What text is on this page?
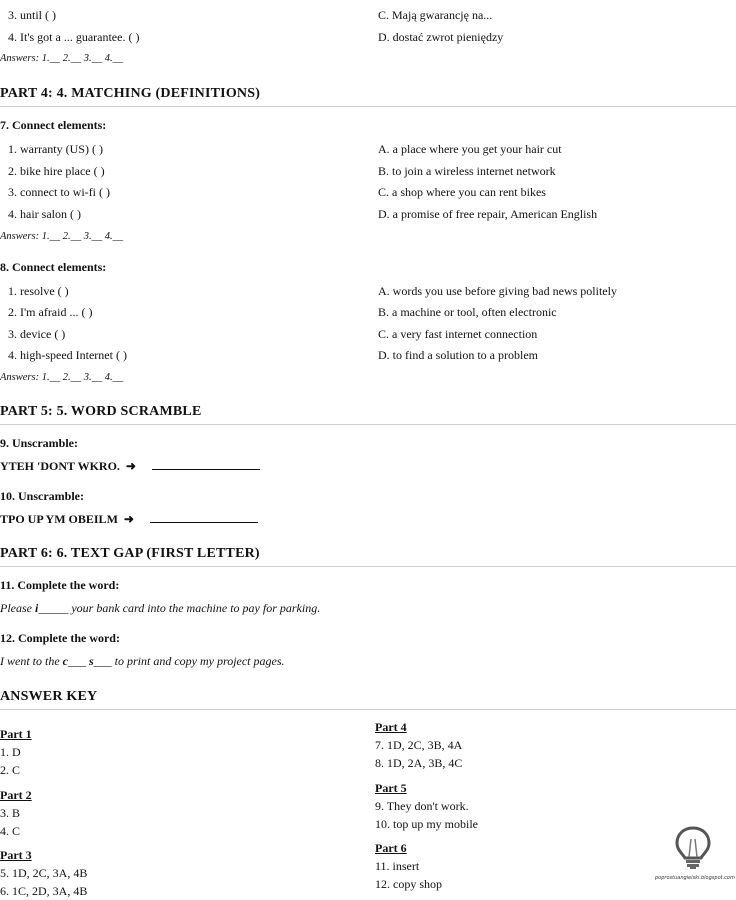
3. until ( )	C. Mają gwarancję na...
4. It's got a ... guarantee. ( )	D. dostać zwrot pieniędzy
Answers: 1.__ 2.__ 3.__ 4.__
PART 4: 4. MATCHING (DEFINITIONS)
7. Connect elements:
1. warranty (US) ( )	A. a place where you get your hair cut
2. bike hire place ( )	B. to join a wireless internet network
3. connect to wi-fi ( )	C. a shop where you can rent bikes
4. hair salon ( )	D. a promise of free repair, American English
Answers: 1.__ 2.__ 3.__ 4.__
8. Connect elements:
1. resolve ( )	A. words you use before giving bad news politely
2. I'm afraid ... ( )	B. a machine or tool, often electronic
3. device ( )	C. a very fast internet connection
4. high-speed Internet ( )	D. to find a solution to a problem
Answers: 1.__ 2.__ 3.__ 4.__
PART 5: 5. WORD SCRAMBLE
9. Unscramble:
YTEH 'DONT WKRO. ➜
10. Unscramble:
TPO UP YM OBEILM ➜
PART 6: 6. TEXT GAP (FIRST LETTER)
11. Complete the word:
Please i_____ your bank card into the machine to pay for parking.
12. Complete the word:
I went to the c___ s___ to print and copy my project pages.
ANSWER KEY
Part 1
1. D
2. C
Part 2
3. B
4. C
Part 3
5. 1D, 2C, 3A, 4B
6. 1C, 2D, 3A, 4B
Part 4
7. 1D, 2C, 3B, 4A
8. 1D, 2A, 3B, 4C
Part 5
9. They don't work.
10. top up my mobile
Part 6
11. insert
12. copy shop	poprostuangielski.blogspot.com
